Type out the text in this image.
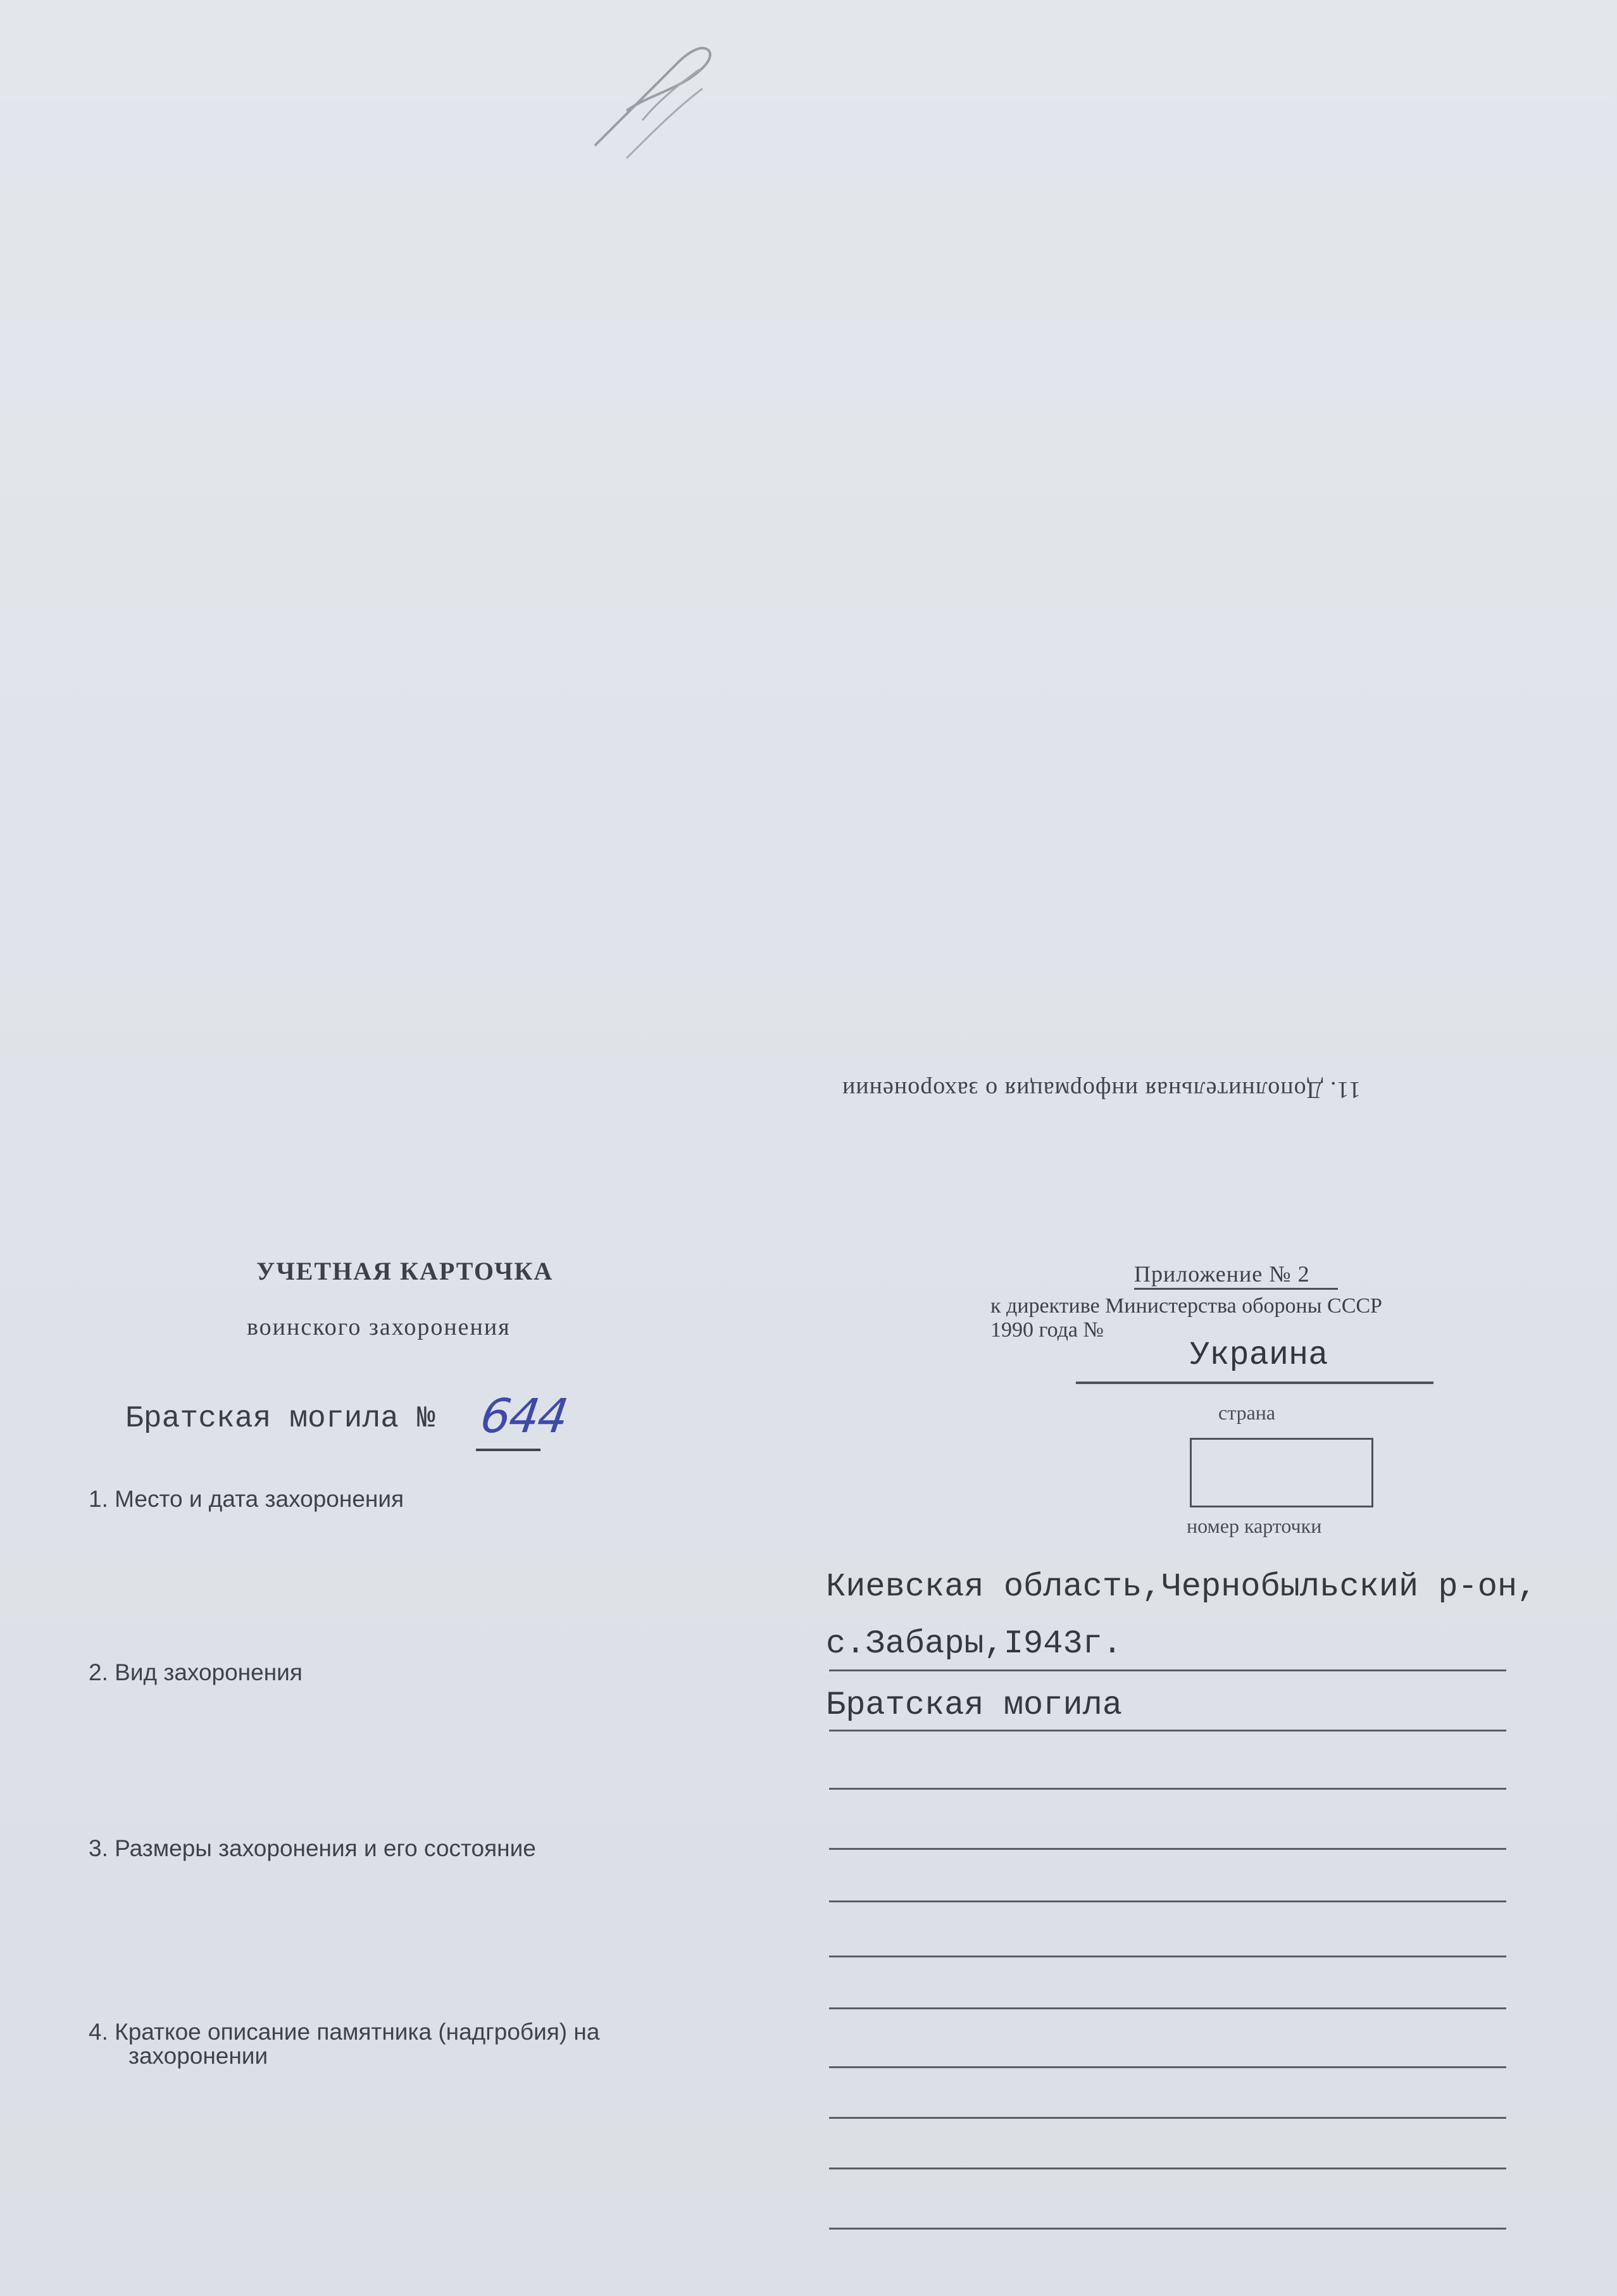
11. Дополнительная информация о захоронении
УЧЕТНАЯ КАРТОЧКА
воинского захоронения
Братская могила № 644
Приложение № 2
к директиве Министерства обороны СССР
1990 года №
Украина
страна
номер карточки
1. Место и дата захоронения
2. Вид захоронения
3. Размеры захоронения и его состояние
4. Краткое описание памятника (надгробия) на
захоронении
Киевская область,Чернобыльский р-он,
с.Забары,I943г.
Братская могила
